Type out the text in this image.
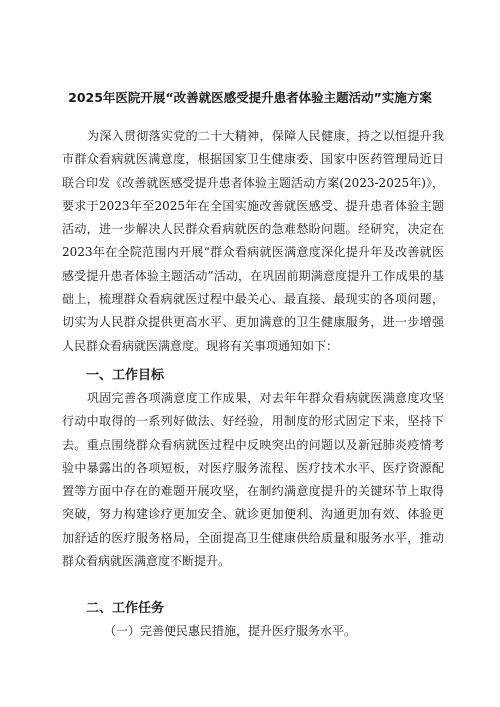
2025年医院开展“改善就医感受提升患者体验主题活动”实施方案

为深入贯彻落实党的二十大精神，保障人民健康，持之以恒提升我市群众看病就医满意度，根据国家卫生健康委、国家中医药管理局近日联合印发《改善就医感受提升患者体验主题活动方案(2023-2025年)》，要求于2023年至2025年在全国实施改善就医感受、提升患者体验主题活动，进一步解决人民群众看病就医的急难愁盼问题。经研究，决定在2023年在全院范围内开展“群众看病就医满意度深化提升年及改善就医感受提升患者体验主题活动”活动，在巩固前期满意度提升工作成果的基础上，梳理群众看病就医过程中最关心、最直接、最现实的各项问题，切实为人民群众提供更高水平、更加满意的卫生健康服务，进一步增强人民群众看病就医满意度。现将有关事项通知如下：

一、工作目标

巩固完善各项满意度工作成果，对去年年群众看病就医满意度攻坚行动中取得的一系列好做法、好经验，用制度的形式固定下来，坚持下去。重点围绕群众看病就医过程中反映突出的问题以及新冠肺炎疫情考验中暴露出的各项短板，对医疗服务流程、医疗技术水平、医疗资源配置等方面中存在的难题开展攻坚，在制约满意度提升的关键环节上取得突破，努力构建诊疗更加安全、就诊更加便利、沟通更加有效、体验更加舒适的医疗服务格局，全面提高卫生健康供给质量和服务水平，推动群众看病就医满意度不断提升。

二、工作任务
（一）完善便民惠民措施，提升医疗服务水平。
